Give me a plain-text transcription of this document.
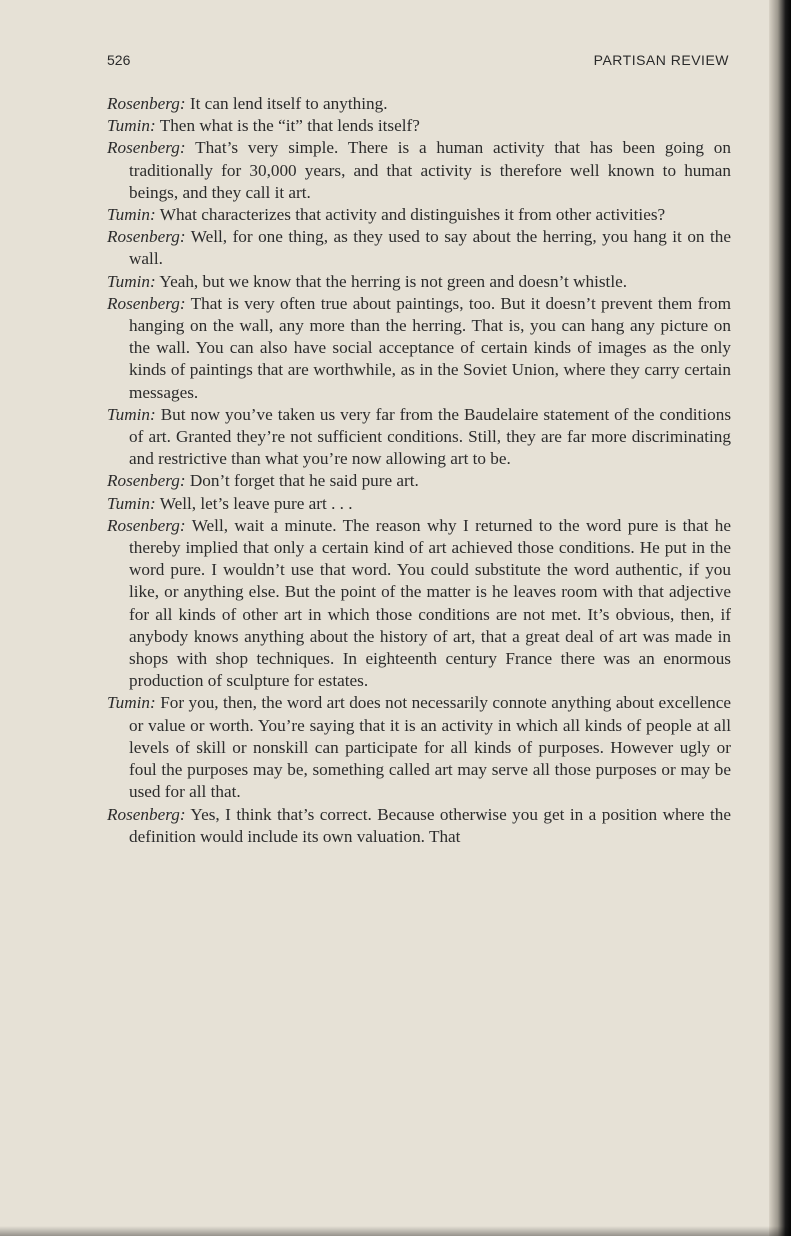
526	PARTISAN REVIEW

Rosenberg: It can lend itself to anything.

Tumin: Then what is the “it” that lends itself?

Rosenberg: That’s very simple. There is a human activity that has been going on traditionally for 30,000 years, and that activity is therefore well known to human beings, and they call it art.

Tumin: What characterizes that activity and distinguishes it from other activities?

Rosenberg: Well, for one thing, as they used to say about the herring, you hang it on the wall.

Tumin: Yeah, but we know that the herring is not green and doesn’t whistle.

Rosenberg: That is very often true about paintings, too. But it doesn’t prevent them from hanging on the wall, any more than the herring. That is, you can hang any picture on the wall. You can also have social acceptance of certain kinds of images as the only kinds of paintings that are worthwhile, as in the Soviet Union, where they carry certain messages.

Tumin: But now you’ve taken us very far from the Baudelaire statement of the conditions of art. Granted they’re not sufficient conditions. Still, they are far more discriminating and restrictive than what you’re now allowing art to be.

Rosenberg: Don’t forget that he said pure art.

Tumin: Well, let’s leave pure art . . .

Rosenberg: Well, wait a minute. The reason why I returned to the word pure is that he thereby implied that only a certain kind of art achieved those conditions. He put in the word pure. I wouldn’t use that word. You could substitute the word authentic, if you like, or anything else. But the point of the matter is he leaves room with that adjective for all kinds of other art in which those conditions are not met. It’s obvious, then, if anybody knows anything about the history of art, that a great deal of art was made in shops with shop techniques. In eighteenth century France there was an enormous production of sculpture for estates.

Tumin: For you, then, the word art does not necessarily connote anything about excellence or value or worth. You’re saying that it is an activity in which all kinds of people at all levels of skill or nonskill can participate for all kinds of purposes. However ugly or foul the purposes may be, something called art may serve all those purposes or may be used for all that.

Rosenberg: Yes, I think that’s correct. Because otherwise you get in a position where the definition would include its own valuation. That
